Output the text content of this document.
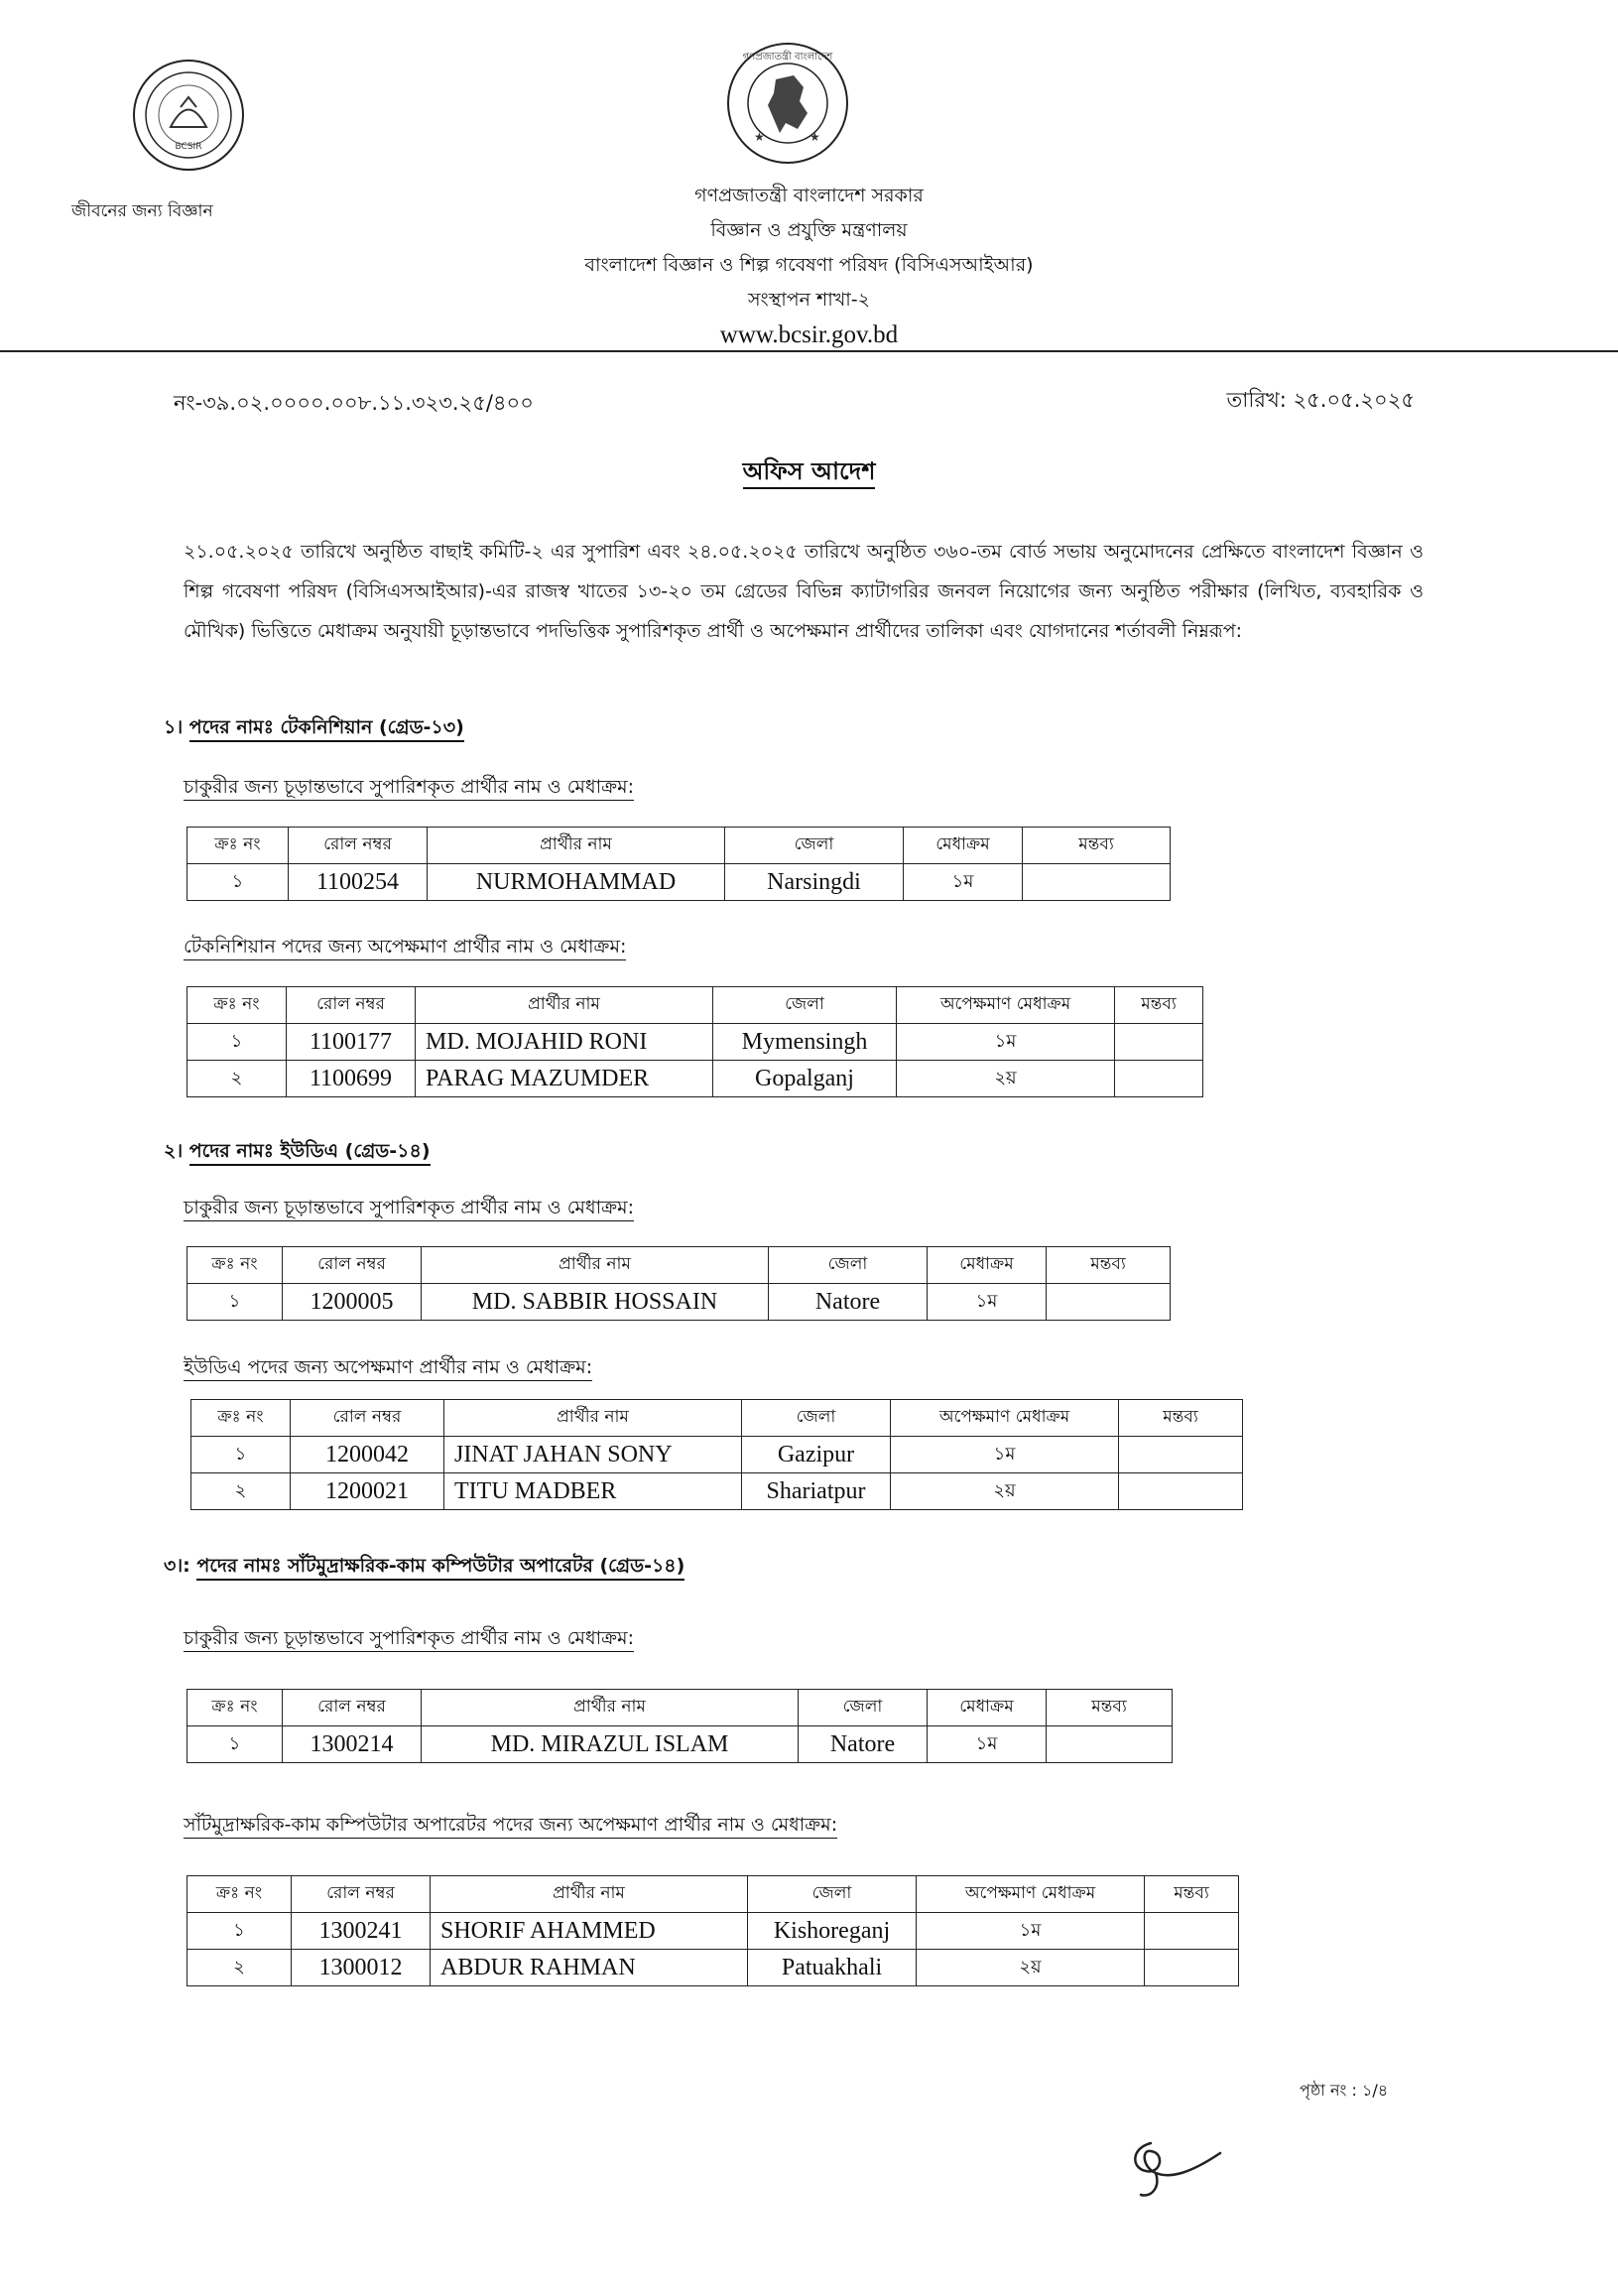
BCSIR
জীবনের জন্য বিজ্ঞান
গণপ্রজাতন্ত্রী বাংলাদেশ
★	★
গণপ্রজাতন্ত্রী বাংলাদেশ সরকার
বিজ্ঞান ও প্রযুক্তি মন্ত্রণালয়
বাংলাদেশ বিজ্ঞান ও শিল্প গবেষণা পরিষদ (বিসিএসআইআর)
সংস্থাপন শাখা-২
www.bcsir.gov.bd
নং-৩৯.০২.০০০০.০০৮.১১.৩২৩.২৫/৪০০	তারিখ: ২৫.০৫.২০২৫
অফিস আদেশ
২১.০৫.২০২৫ তারিখে অনুষ্ঠিত বাছাই কমিটি-২ এর সুপারিশ এবং ২৪.০৫.২০২৫ তারিখে অনুষ্ঠিত ৩৬০-তম বোর্ড সভায় অনুমোদনের প্রেক্ষিতে বাংলাদেশ বিজ্ঞান ও শিল্প গবেষণা পরিষদ (বিসিএসআইআর)-এর রাজস্ব খাতের ১৩-২০ তম গ্রেডের বিভিন্ন ক্যাটাগরির জনবল নিয়োগের জন্য অনুষ্ঠিত পরীক্ষার (লিখিত, ব্যবহারিক ও মৌখিক) ভিত্তিতে মেধাক্রম অনুযায়ী চূড়ান্তভাবে পদভিত্তিক সুপারিশকৃত প্রার্থী ও অপেক্ষমান প্রার্থীদের তালিকা এবং যোগদানের শর্তাবলী নিম্নরূপ:
১। পদের নামঃ টেকনিশিয়ান (গ্রেড-১৩)
চাকুরীর জন্য চূড়ান্তভাবে সুপারিশকৃত প্রার্থীর নাম ও মেধাক্রম:
ক্রঃ নং	রোল নম্বর	প্রার্থীর নাম	জেলা	মেধাক্রম	মন্তব্য
১	1100254	NURMOHAMMAD	Narsingdi	১ম	
টেকনিশিয়ান পদের জন্য অপেক্ষমাণ প্রার্থীর নাম ও মেধাক্রম:
ক্রঃ নং	রোল নম্বর	প্রার্থীর নাম	জেলা	অপেক্ষমাণ মেধাক্রম	মন্তব্য
১	1100177	MD. MOJAHID RONI	Mymensingh	১ম	
২	1100699	PARAG MAZUMDER	Gopalganj	২য়	
২। পদের নামঃ ইউডিএ (গ্রেড-১৪)
চাকুরীর জন্য চূড়ান্তভাবে সুপারিশকৃত প্রার্থীর নাম ও মেধাক্রম:
ক্রঃ নং	রোল নম্বর	প্রার্থীর নাম	জেলা	মেধাক্রম	মন্তব্য
১	1200005	MD. SABBIR HOSSAIN	Natore	১ম	
ইউডিএ পদের জন্য অপেক্ষমাণ প্রার্থীর নাম ও মেধাক্রম:
ক্রঃ নং	রোল নম্বর	প্রার্থীর নাম	জেলা	অপেক্ষমাণ মেধাক্রম	মন্তব্য
১	1200042	JINAT JAHAN SONY	Gazipur	১ম	
২	1200021	TITU MADBER	Shariatpur	২য়	
৩।: পদের নামঃ সাঁটমুদ্রাক্ষরিক-কাম কম্পিউটার অপারেটর (গ্রেড-১৪)
চাকুরীর জন্য চূড়ান্তভাবে সুপারিশকৃত প্রার্থীর নাম ও মেধাক্রম:
ক্রঃ নং	রোল নম্বর	প্রার্থীর নাম	জেলা	মেধাক্রম	মন্তব্য
১	1300214	MD. MIRAZUL ISLAM	Natore	১ম	
সাঁটমুদ্রাক্ষরিক-কাম কম্পিউটার অপারেটর পদের জন্য অপেক্ষমাণ প্রার্থীর নাম ও মেধাক্রম:
ক্রঃ নং	রোল নম্বর	প্রার্থীর নাম	জেলা	অপেক্ষমাণ মেধাক্রম	মন্তব্য
১	1300241	SHORIF AHAMMED	Kishoreganj	১ম	
২	1300012	ABDUR RAHMAN	Patuakhali	২য়	
পৃষ্ঠা নং : ১/৪
